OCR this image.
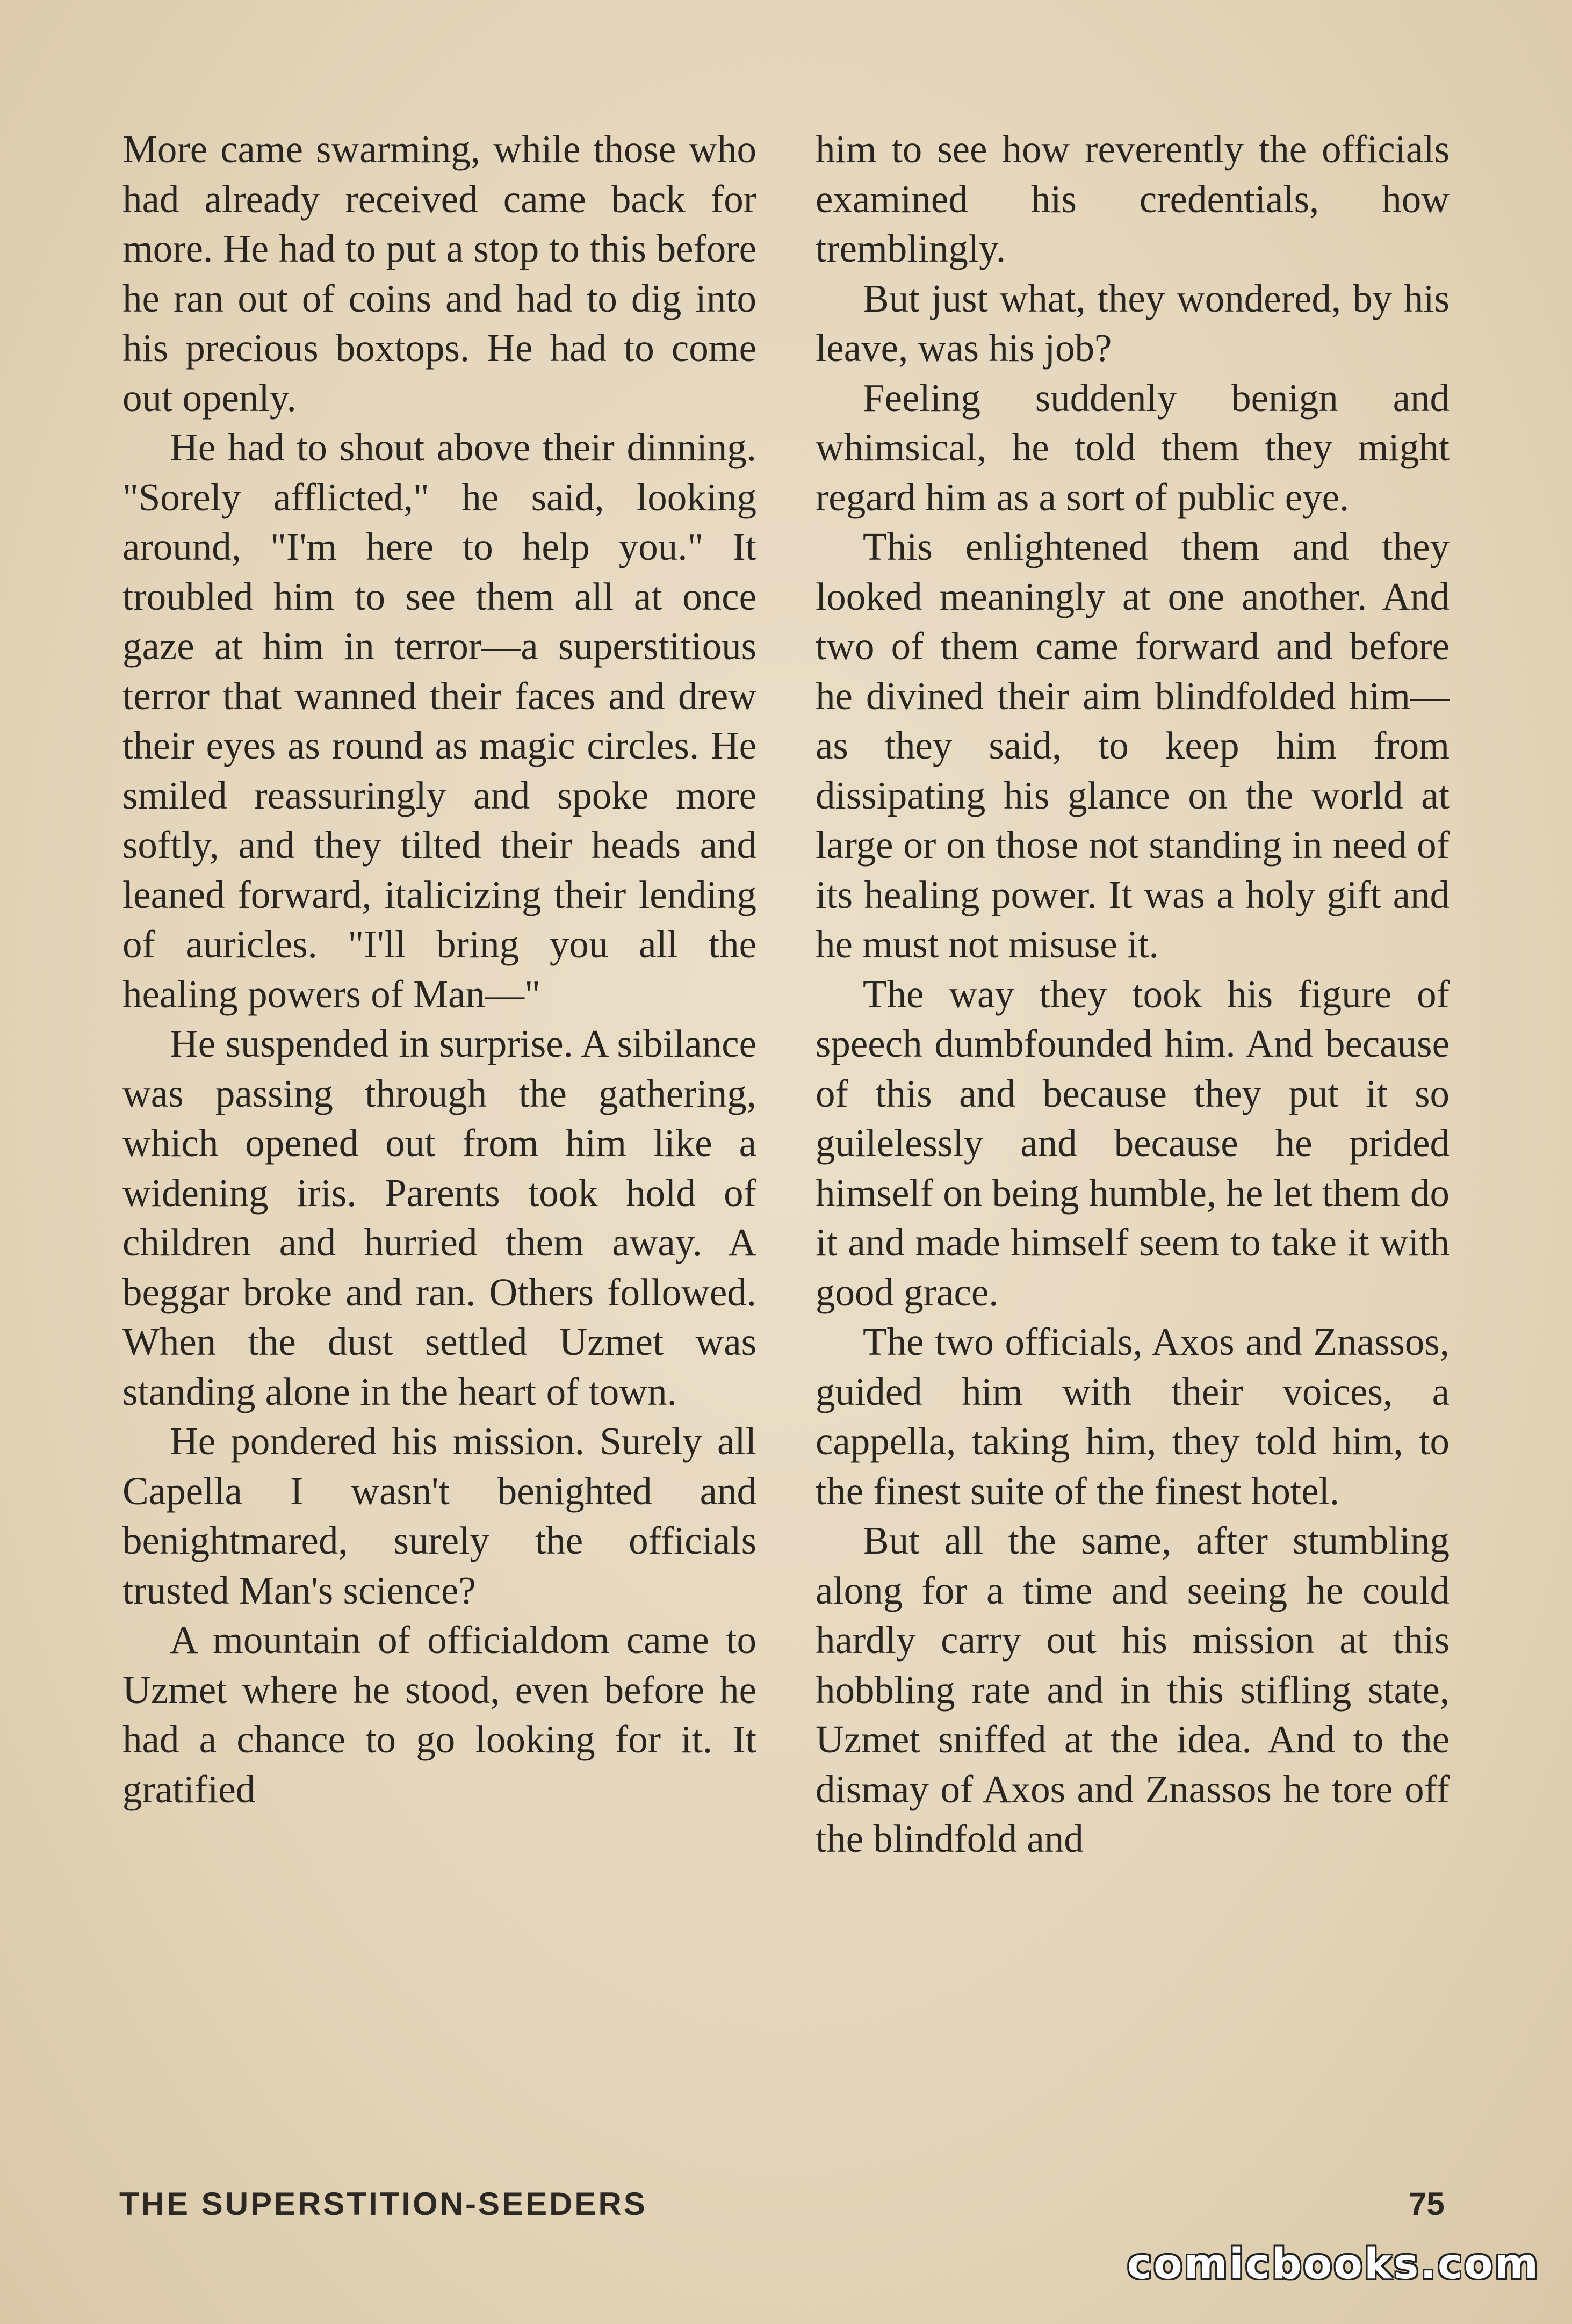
More came swarming, while those who had already received came back for more. He had to put a stop to this before he ran out of coins and had to dig into his precious boxtops. He had to come out openly.

He had to shout above their dinning. "Sorely afflicted," he said, looking around, "I'm here to help you." It troubled him to see them all at once gaze at him in terror—a superstitious terror that wanned their faces and drew their eyes as round as magic circles. He smiled reassuringly and spoke more softly, and they tilted their heads and leaned forward, italicizing their lending of auricles. "I'll bring you all the healing powers of Man—"

He suspended in surprise. A sibilance was passing through the gathering, which opened out from him like a widening iris. Parents took hold of children and hurried them away. A beggar broke and ran. Others followed. When the dust settled Uzmet was standing alone in the heart of town.

He pondered his mission. Surely all Capella I wasn't benighted and benightmared, surely the officials trusted Man's science?

A mountain of officialdom came to Uzmet where he stood, even before he had a chance to go looking for it. It gratified

him to see how reverently the officials examined his credentials, how tremblingly.

But just what, they wondered, by his leave, was his job?

Feeling suddenly benign and whimsical, he told them they might regard him as a sort of public eye.

This enlightened them and they looked meaningly at one another. And two of them came forward and before he divined their aim blindfolded him—as they said, to keep him from dissipating his glance on the world at large or on those not standing in need of its healing power. It was a holy gift and he must not misuse it.

The way they took his figure of speech dumbfounded him. And because of this and because they put it so guilelessly and because he prided himself on being humble, he let them do it and made himself seem to take it with good grace.

The two officials, Axos and Znassos, guided him with their voices, a cappella, taking him, they told him, to the finest suite of the finest hotel.

But all the same, after stumbling along for a time and seeing he could hardly carry out his mission at this hobbling rate and in this stifling state, Uzmet sniffed at the idea. And to the dismay of Axos and Znassos he tore off the blindfold and

THE SUPERSTITION-SEEDERS	75
comicbooks.com
